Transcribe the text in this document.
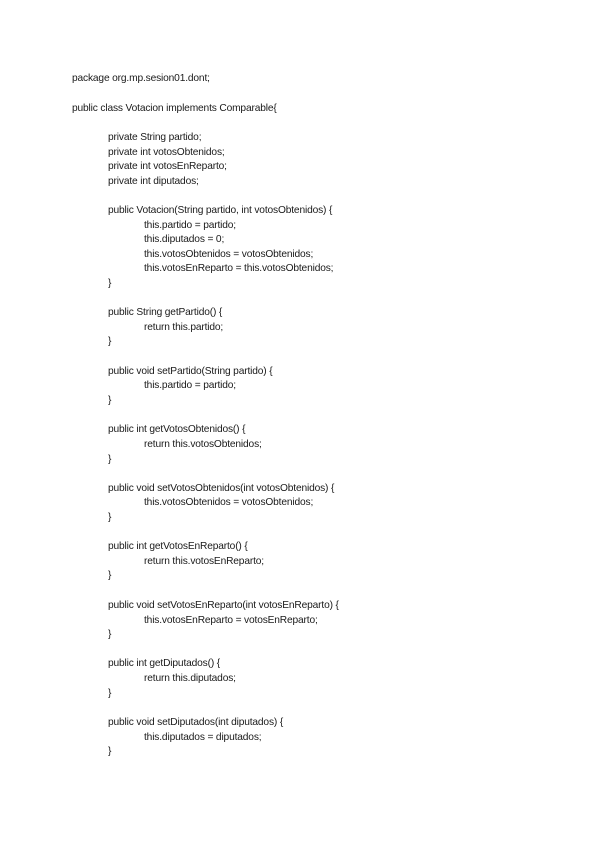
package org.mp.sesion01.dont;
public class Votacion implements Comparable{
private String partido;
private int votosObtenidos;
private int votosEnReparto;
private int diputados;
public Votacion(String partido, int votosObtenidos) {
this.partido = partido;
this.diputados = 0;
this.votosObtenidos = votosObtenidos;
this.votosEnReparto = this.votosObtenidos;
}
public String getPartido() {
return this.partido;
}
public void setPartido(String partido) {
this.partido = partido;
}
public int getVotosObtenidos() {
return this.votosObtenidos;
}
public void setVotosObtenidos(int votosObtenidos) {
this.votosObtenidos = votosObtenidos;
}
public int getVotosEnReparto() {
return this.votosEnReparto;
}
public void setVotosEnReparto(int votosEnReparto) {
this.votosEnReparto = votosEnReparto;
}
public int getDiputados() {
return this.diputados;
}
public void setDiputados(int diputados) {
this.diputados = diputados;
}
